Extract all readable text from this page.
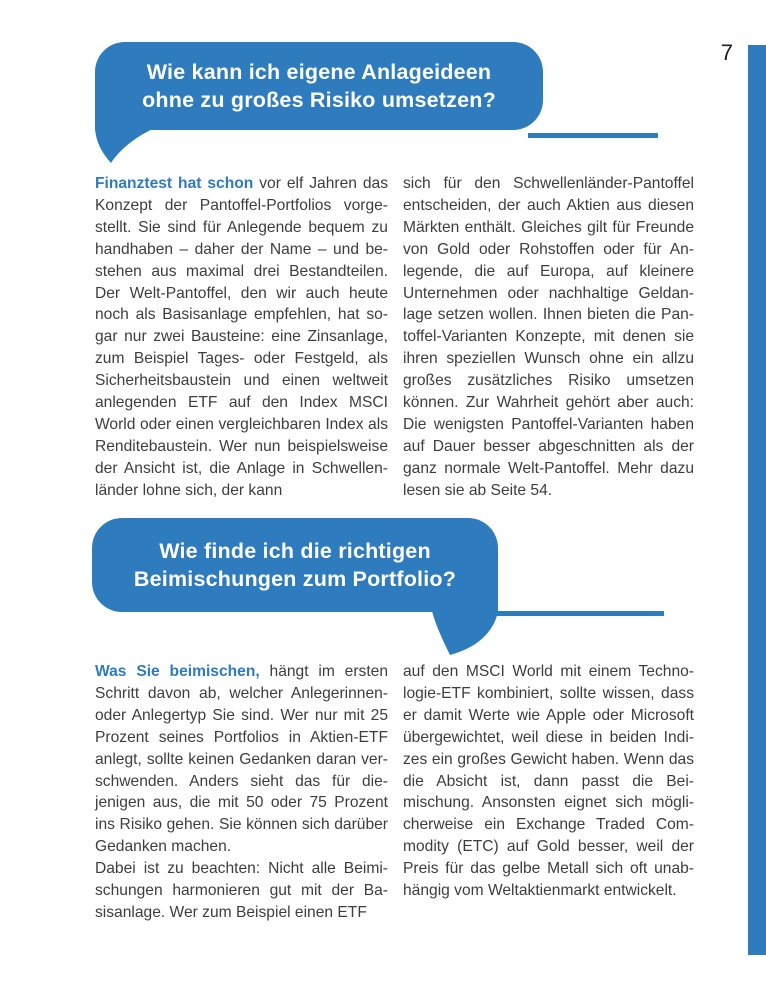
7
Wie kann ich eigene Anlageideen
ohne zu großes Risiko umsetzen?

Finanztest hat schon vor elf Jahren das Konzept der Pantoffel-Portfolios vorgestellt. Sie sind für Anlegende bequem zu handhaben – daher der Name – und bestehen aus maximal drei Bestandteilen. Der Welt-Pantoffel, den wir auch heute noch als Basisanlage empfehlen, hat sogar nur zwei Bausteine: eine Zinsanlage, zum Beispiel Tages- oder Festgeld, als Sicherheitsbaustein und einen weltweit anlegenden ETF auf den Index MSCI World oder einen vergleichbaren Index als Renditebaustein. Wer nun beispielsweise der Ansicht ist, die Anlage in Schwellenländer lohne sich, der kann

sich für den Schwellenländer-Pantoffel entscheiden, der auch Aktien aus diesen Märkten enthält. Gleiches gilt für Freunde von Gold oder Rohstoffen oder für Anlegende, die auf Europa, auf kleinere Unternehmen oder nachhaltige Geldanlage setzen wollen. Ihnen bieten die Pantoffel-Varianten Konzepte, mit denen sie ihren speziellen Wunsch ohne ein allzu großes zusätzliches Risiko umsetzen können. Zur Wahrheit gehört aber auch: Die wenigsten Pantoffel-Varianten haben auf Dauer besser abgeschnitten als der ganz normale Welt-Pantoffel. Mehr dazu lesen sie ab Seite 54.

Wie finde ich die richtigen
Beimischungen zum Portfolio?

Was Sie beimischen, hängt im ersten Schritt davon ab, welcher Anlegerinnen- oder Anlegertyp Sie sind. Wer nur mit 25 Prozent seines Portfolios in Aktien-ETF anlegt, sollte keinen Gedanken daran verschwenden. Anders sieht das für diejenigen aus, die mit 50 oder 75 Prozent ins Risiko gehen. Sie können sich darüber Gedanken machen.

Dabei ist zu beachten: Nicht alle Beimischungen harmonieren gut mit der Basisanlage. Wer zum Beispiel einen ETF

auf den MSCI World mit einem Technologie-ETF kombiniert, sollte wissen, dass er damit Werte wie Apple oder Microsoft übergewichtet, weil diese in beiden Indizes ein großes Gewicht haben. Wenn das die Absicht ist, dann passt die Beimischung. Ansonsten eignet sich möglicherweise ein Exchange Traded Commodity (ETC) auf Gold besser, weil der Preis für das gelbe Metall sich oft unabhängig vom Weltaktienmarkt entwickelt.
